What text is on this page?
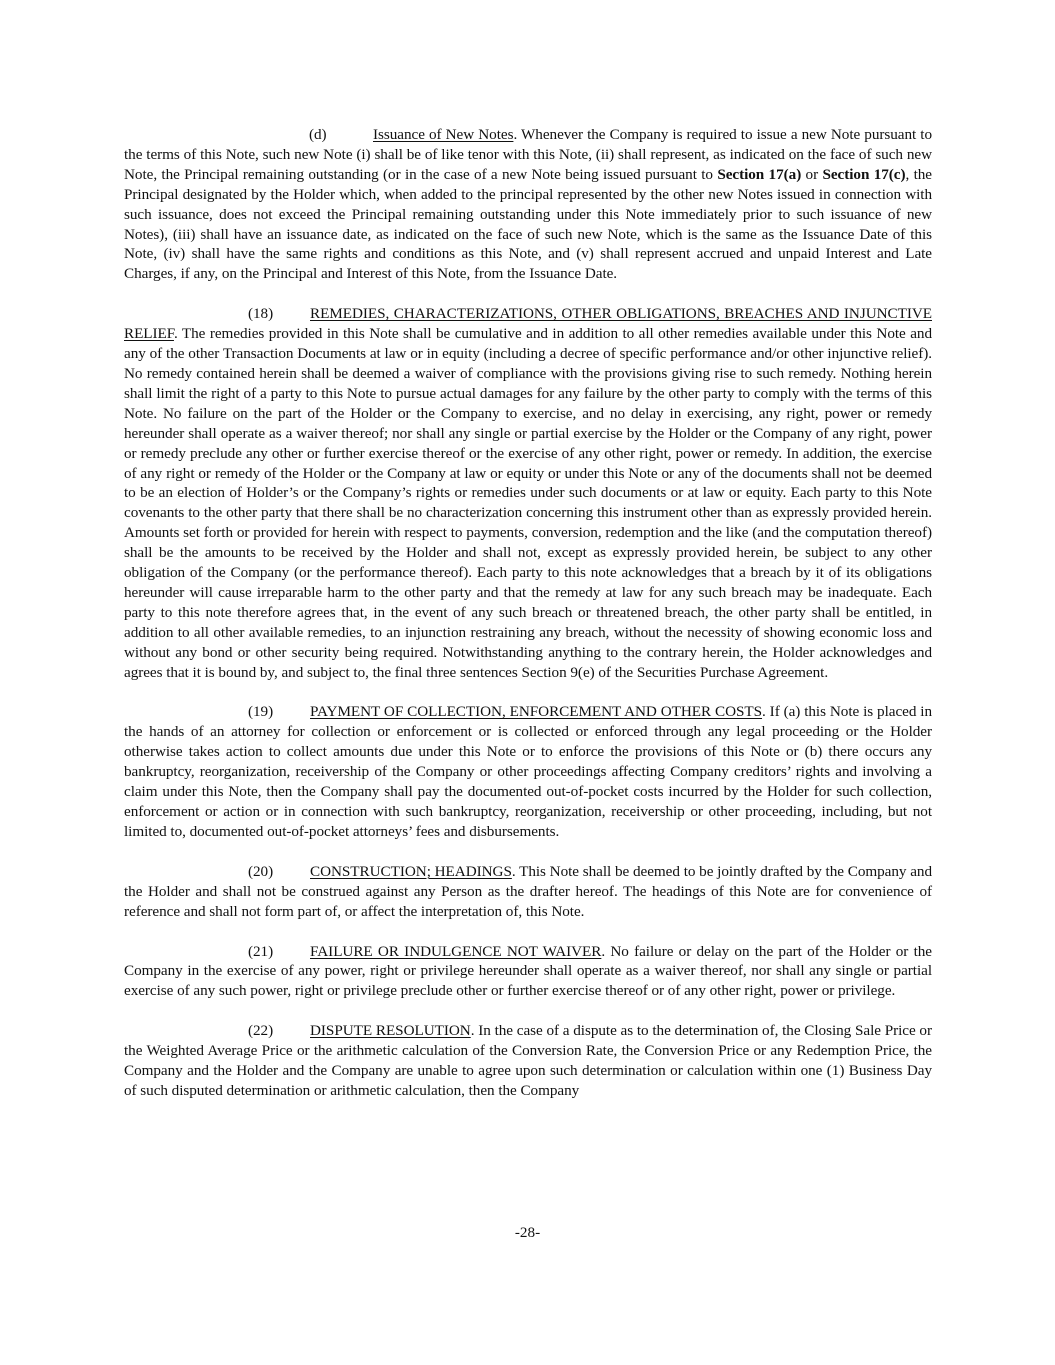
(d)	Issuance of New Notes. Whenever the Company is required to issue a new Note pursuant to the terms of this Note, such new Note (i) shall be of like tenor with this Note, (ii) shall represent, as indicated on the face of such new Note, the Principal remaining outstanding (or in the case of a new Note being issued pursuant to Section 17(a) or Section 17(c), the Principal designated by the Holder which, when added to the principal represented by the other new Notes issued in connection with such issuance, does not exceed the Principal remaining outstanding under this Note immediately prior to such issuance of new Notes), (iii) shall have an issuance date, as indicated on the face of such new Note, which is the same as the Issuance Date of this Note, (iv) shall have the same rights and conditions as this Note, and (v) shall represent accrued and unpaid Interest and Late Charges, if any, on the Principal and Interest of this Note, from the Issuance Date.

(18) REMEDIES, CHARACTERIZATIONS, OTHER OBLIGATIONS, BREACHES AND INJUNCTIVE RELIEF. The remedies provided in this Note shall be cumulative and in addition to all other remedies available under this Note and any of the other Transaction Documents at law or in equity (including a decree of specific performance and/or other injunctive relief). No remedy contained herein shall be deemed a waiver of compliance with the provisions giving rise to such remedy. Nothing herein shall limit the right of a party to this Note to pursue actual damages for any failure by the other party to comply with the terms of this Note. No failure on the part of the Holder or the Company to exercise, and no delay in exercising, any right, power or remedy hereunder shall operate as a waiver thereof; nor shall any single or partial exercise by the Holder or the Company of any right, power or remedy preclude any other or further exercise thereof or the exercise of any other right, power or remedy. In addition, the exercise of any right or remedy of the Holder or the Company at law or equity or under this Note or any of the documents shall not be deemed to be an election of Holder’s or the Company’s rights or remedies under such documents or at law or equity. Each party to this Note covenants to the other party that there shall be no characterization concerning this instrument other than as expressly provided herein. Amounts set forth or provided for herein with respect to payments, conversion, redemption and the like (and the computation thereof) shall be the amounts to be received by the Holder and shall not, except as expressly provided herein, be subject to any other obligation of the Company (or the performance thereof). Each party to this note acknowledges that a breach by it of its obligations hereunder will cause irreparable harm to the other party and that the remedy at law for any such breach may be inadequate. Each party to this note therefore agrees that, in the event of any such breach or threatened breach, the other party shall be entitled, in addition to all other available remedies, to an injunction restraining any breach, without the necessity of showing economic loss and without any bond or other security being required. Notwithstanding anything to the contrary herein, the Holder acknowledges and agrees that it is bound by, and subject to, the final three sentences Section 9(e) of the Securities Purchase Agreement.

(19) PAYMENT OF COLLECTION, ENFORCEMENT AND OTHER COSTS. If (a) this Note is placed in the hands of an attorney for collection or enforcement or is collected or enforced through any legal proceeding or the Holder otherwise takes action to collect amounts due under this Note or to enforce the provisions of this Note or (b) there occurs any bankruptcy, reorganization, receivership of the Company or other proceedings affecting Company creditors’ rights and involving a claim under this Note, then the Company shall pay the documented out-of-pocket costs incurred by the Holder for such collection, enforcement or action or in connection with such bankruptcy, reorganization, receivership or other proceeding, including, but not limited to, documented out-of-pocket attorneys’ fees and disbursements.

(20) CONSTRUCTION; HEADINGS. This Note shall be deemed to be jointly drafted by the Company and the Holder and shall not be construed against any Person as the drafter hereof. The headings of this Note are for convenience of reference and shall not form part of, or affect the interpretation of, this Note.

(21) FAILURE OR INDULGENCE NOT WAIVER. No failure or delay on the part of the Holder or the Company in the exercise of any power, right or privilege hereunder shall operate as a waiver thereof, nor shall any single or partial exercise of any such power, right or privilege preclude other or further exercise thereof or of any other right, power or privilege.

(22) DISPUTE RESOLUTION. In the case of a dispute as to the determination of, the Closing Sale Price or the Weighted Average Price or the arithmetic calculation of the Conversion Rate, the Conversion Price or any Redemption Price, the Company and the Holder and the Company are unable to agree upon such determination or calculation within one (1) Business Day of such disputed determination or arithmetic calculation, then the Company

-28-
